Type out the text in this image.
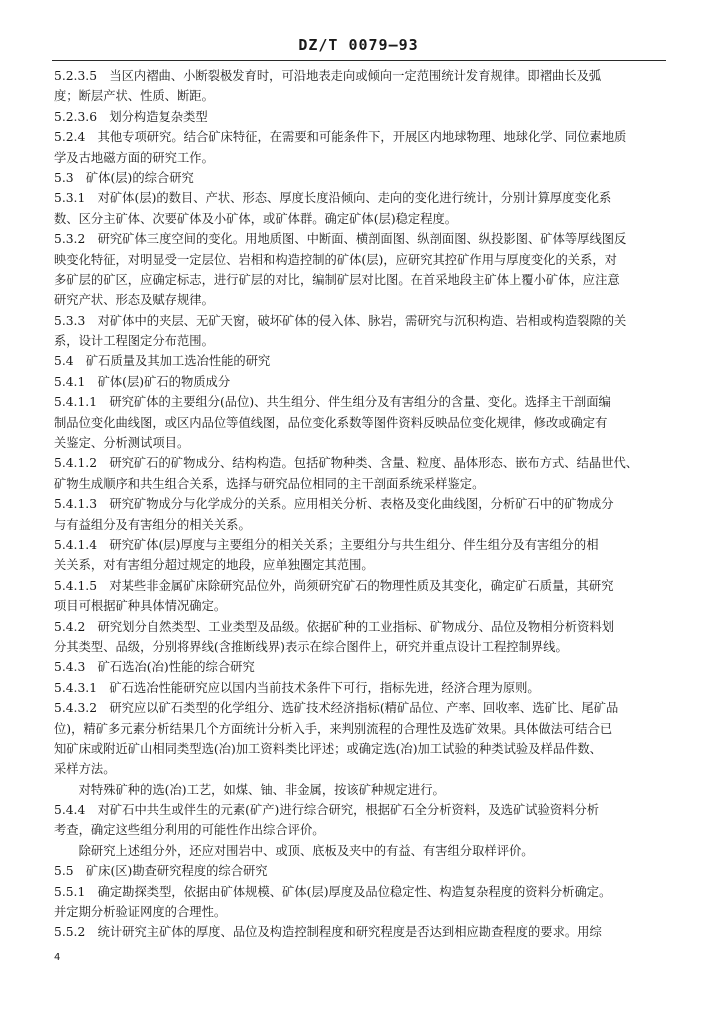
DZ/T 0079—93
5.2.3.5　当区内褶曲、小断裂极发育时，可沿地表走向或倾向一定范围统计发育规律。即褶曲长及弧
度；断层产状、性质、断距。
5.2.3.6　划分构造复杂类型
5.2.4　其他专项研究。结合矿床特征，在需要和可能条件下，开展区内地球物理、地球化学、同位素地质
学及古地磁方面的研究工作。
5.3　矿体(层)的综合研究
5.3.1　对矿体(层)的数目、产状、形态、厚度长度沿倾向、走向的变化进行统计，分别计算厚度变化系
数、区分主矿体、次要矿体及小矿体，或矿体群。确定矿体(层)稳定程度。
5.3.2　研究矿体三度空间的变化。用地质图、中断面、横剖面图、纵剖面图、纵投影图、矿体等厚线图反
映变化特征，对明显受一定层位、岩相和构造控制的矿体(层)，应研究其控矿作用与厚度变化的关系，对
多矿层的矿区，应确定标志，进行矿层的对比，编制矿层对比图。在首采地段主矿体上覆小矿体，应注意
研究产状、形态及赋存规律。
5.3.3　对矿体中的夹层、无矿天窗，破坏矿体的侵入体、脉岩，需研究与沉积构造、岩相或构造裂隙的关
系，设计工程图定分布范围。
5.4　矿石质量及其加工选冶性能的研究
5.4.1　矿体(层)矿石的物质成分
5.4.1.1　研究矿体的主要组分(品位)、共生组分、伴生组分及有害组分的含量、变化。选择主干剖面编
制品位变化曲线图，或区内品位等值线图，品位变化系数等图件资料反映品位变化规律，修改或确定有
关鉴定、分析测试项目。
5.4.1.2　研究矿石的矿物成分、结构构造。包括矿物种类、含量、粒度、晶体形态、嵌布方式、结晶世代、
矿物生成顺序和共生组合关系，选择与研究品位相同的主干剖面系统采样鉴定。
5.4.1.3　研究矿物成分与化学成分的关系。应用相关分析、表格及变化曲线图，分析矿石中的矿物成分
与有益组分及有害组分的相关关系。
5.4.1.4　研究矿体(层)厚度与主要组分的相关关系；主要组分与共生组分、伴生组分及有害组分的相
关关系，对有害组分超过规定的地段，应单独圈定其范围。
5.4.1.5　对某些非金属矿床除研究品位外，尚须研究矿石的物理性质及其变化，确定矿石质量，其研究
项目可根据矿种具体情况确定。
5.4.2　研究划分自然类型、工业类型及品级。依据矿种的工业指标、矿物成分、品位及物相分析资料划
分其类型、品级，分别将界线(含推断线界)表示在综合图件上，研究并重点设计工程控制界线。
5.4.3　矿石选冶(冶)性能的综合研究
5.4.3.1　矿石选冶性能研究应以国内当前技术条件下可行，指标先进，经济合理为原则。
5.4.3.2　研究应以矿石类型的化学组分、选矿技术经济指标(精矿品位、产率、回收率、选矿比、尾矿品
位)，精矿多元素分析结果几个方面统计分析入手，来判别流程的合理性及选矿效果。具体做法可结合已
知矿床或附近矿山相同类型选(冶)加工资料类比评述；或确定选(冶)加工试验的种类试验及样品件数、
采样方法。
　　对特殊矿种的选(冶)工艺，如煤、铀、非金属，按该矿种规定进行。
5.4.4　对矿石中共生或伴生的元素(矿产)进行综合研究，根据矿石全分析资料，及选矿试验资料分析
考查，确定这些组分利用的可能性作出综合评价。
　　除研究上述组分外，还应对围岩中、或顶、底板及夹中的有益、有害组分取样评价。
5.5　矿床(区)勘查研究程度的综合研究
5.5.1　确定勘探类型，依据由矿体规模、矿体(层)厚度及品位稳定性、构造复杂程度的资料分析确定。
并定期分析验证网度的合理性。
5.5.2　统计研究主矿体的厚度、品位及构造控制程度和研究程度是否达到相应勘查程度的要求。用综
4
